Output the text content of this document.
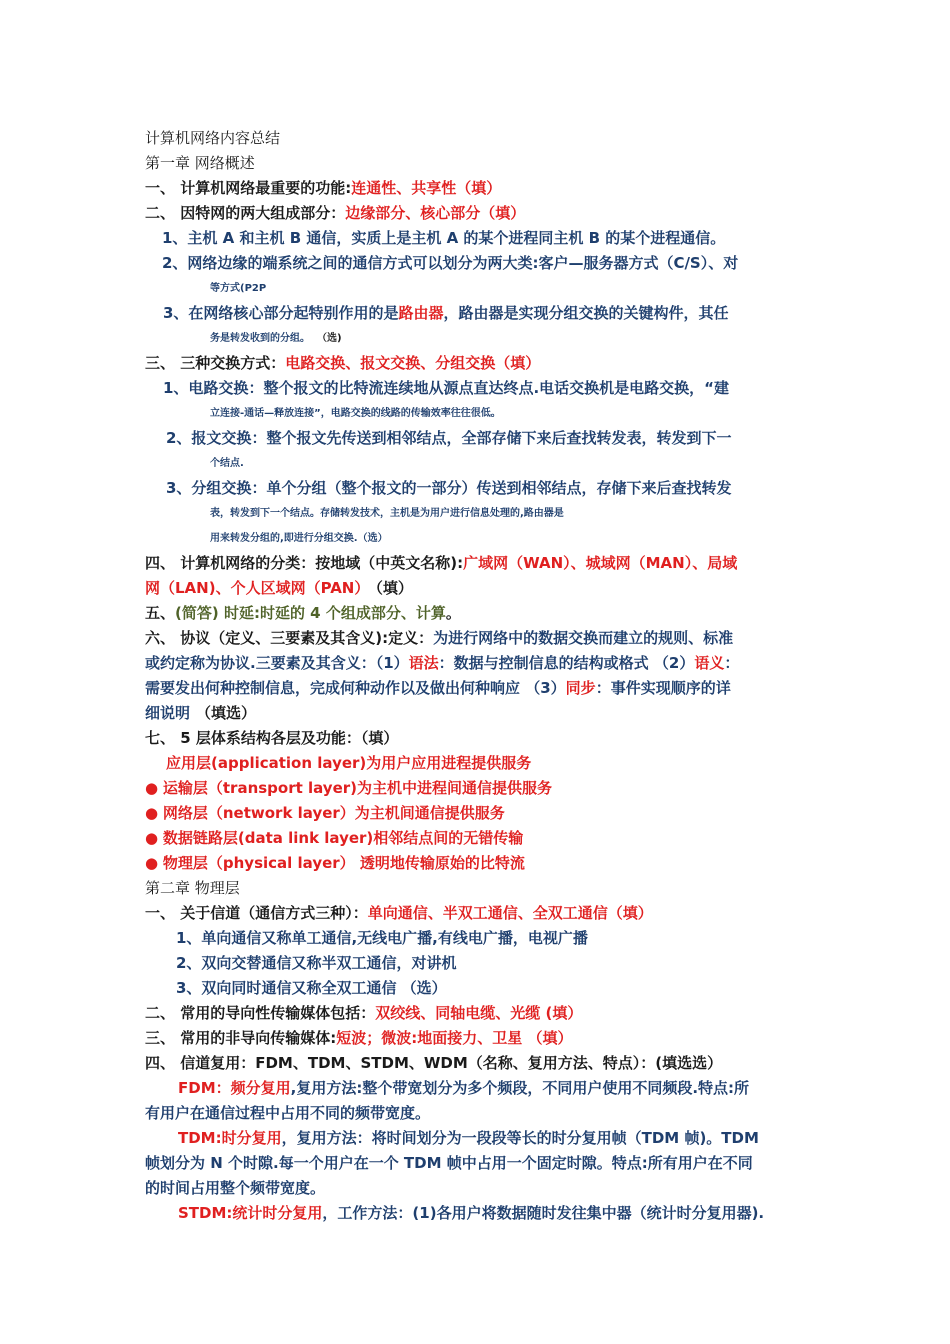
计算机网络内容总结
第一章 网络概述
一、 计算机网络最重要的功能:连通性、共享性（填）
二、 因特网的两大组成部分：边缘部分、核心部分（填）
1、主机 A 和主机 B 通信，实质上是主机 A 的某个进程同主机 B 的某个进程通信。
2、网络边缘的端系统之间的通信方式可以划分为两大类:客户—服务器方式（C/S）、对
等方式(P2P
3、在网络核心部分起特别作用的是路由器，路由器是实现分组交换的关键构件，其任
务是转发收到的分组。 （选)
三、 三种交换方式：电路交换、报文交换、分组交换（填）
1、电路交换：整个报文的比特流连续地从源点直达终点.电话交换机是电路交换，“建
立连接-通话—释放连接”，电路交换的线路的传输效率往往很低。
2、报文交换：整个报文先传送到相邻结点，全部存储下来后查找转发表，转发到下一
个结点.
3、分组交换：单个分组（整个报文的一部分）传送到相邻结点，存储下来后查找转发
表，转发到下一个结点。存储转发技术，主机是为用户进行信息处理的,路由器是
用来转发分组的,即进行分组交换.（选）
四、 计算机网络的分类：按地域（中英文名称):广域网（WAN）、城域网（MAN）、局域
网（LAN)、个人区域网（PAN） （填）
五、(简答) 时延:时延的 4 个组成部分、计算。
六、 协议（定义、三要素及其含义):定义：为进行网络中的数据交换而建立的规则、标准
或约定称为协议.三要素及其含义：（1）语法：数据与控制信息的结构或格式 （2）语义：
需要发出何种控制信息，完成何种动作以及做出何种响应 （3）同步：事件实现顺序的详
细说明 （填选）
七、 5 层体系结构各层及功能：（填）
应用层(application layer)为用户应用进程提供服务
● 运输层（transport layer)为主机中进程间通信提供服务
● 网络层（network layer）为主机间通信提供服务
● 数据链路层(data link layer)相邻结点间的无错传输
● 物理层（physical layer） 透明地传输原始的比特流
第二章 物理层
一、 关于信道（通信方式三种）：单向通信、半双工通信、全双工通信（填）
1、单向通信又称单工通信,无线电广播,有线电广播，电视广播
2、双向交替通信又称半双工通信，对讲机
3、双向同时通信又称全双工通信 （选）
二、 常用的导向性传输媒体包括：双绞线、同轴电缆、光缆 (填）
三、 常用的非导向传输媒体:短波；微波:地面接力、卫星 （填）
四、 信道复用：FDM、TDM、STDM、WDM（名称、复用方法、特点）：(填选选）
FDM：频分复用,复用方法:整个带宽划分为多个频段，不同用户使用不同频段.特点:所
有用户在通信过程中占用不同的频带宽度。
TDM:时分复用，复用方法：将时间划分为一段段等长的时分复用帧（TDM 帧)。TDM
帧划分为 N 个时隙.每一个用户在一个 TDM 帧中占用一个固定时隙。特点:所有用户在不同
的时间占用整个频带宽度。
STDM:统计时分复用，工作方法：(1)各用户将数据随时发往集中器（统计时分复用器).
